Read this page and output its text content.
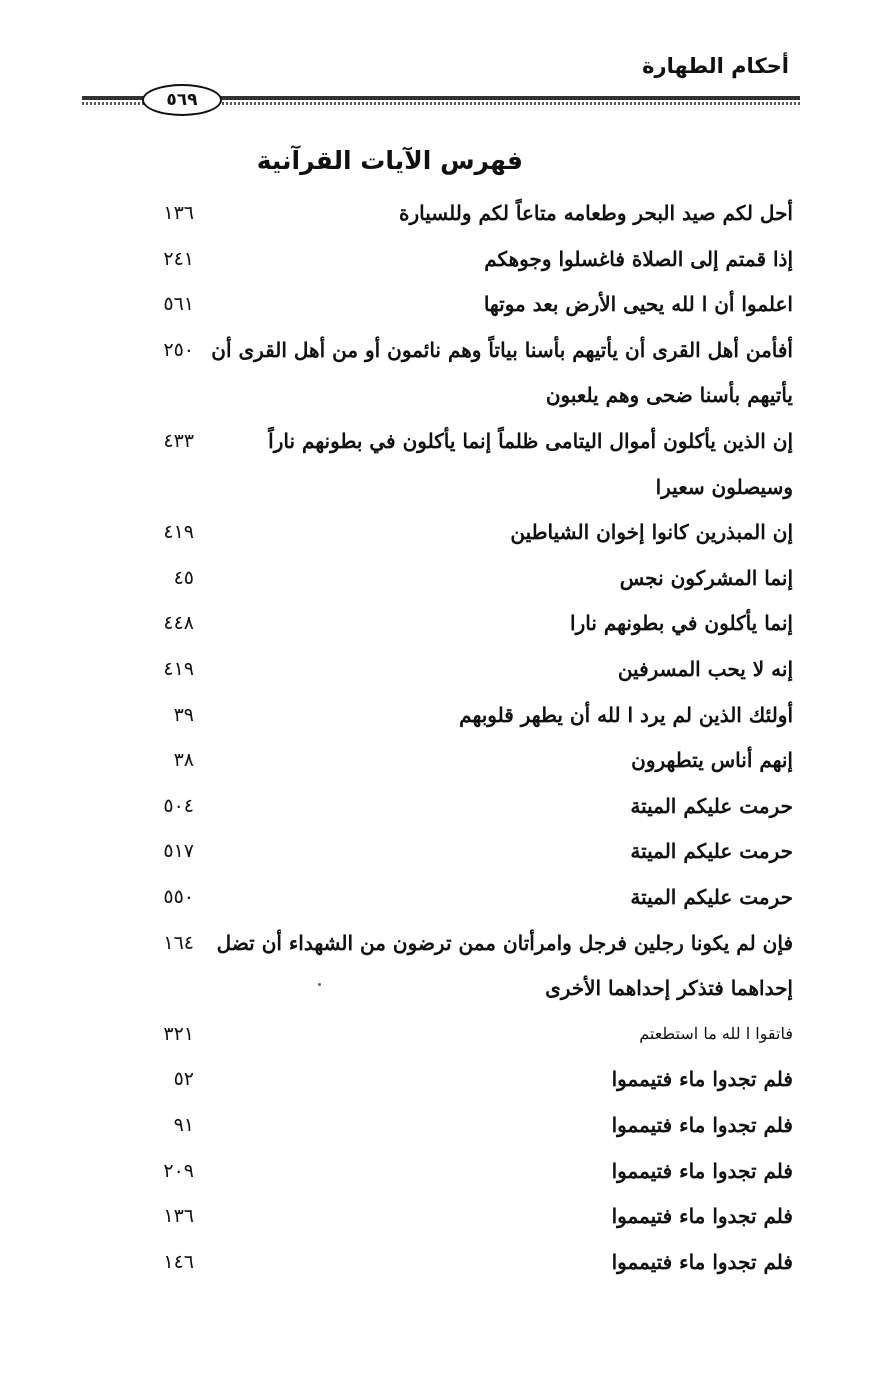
أحكام الطهارة
٥٦٩
فهرس الآيات القرآنية
١٣٦	أحل لكم صيد البحر وطعامه متاعاً لكم وللسيارة
٢٤١	إذا قمتم إلى الصلاة فاغسلوا وجوهكم
٥٦١	اعلموا أن ا لله يحيى الأرض بعد موتها
٢٥٠ أفأمن أهل القرى أن يأتيهم بأسنا بياتاً وهم نائمون أو من أهل القرى أن
يأتيهم بأسنا ضحى وهم يلعبون
٤٣٣	إن الذين يأكلون أموال اليتامى ظلماً إنما يأكلون في بطونهم ناراً
وسيصلون سعيرا
٤١٩	إن المبذرين كانوا إخوان الشياطين
٤٥	إنما المشركون نجس
٤٤٨	إنما يأكلون في بطونهم نارا
٤١٩	إنه لا يحب المسرفين
٣٩	أولئك الذين لم يرد ا لله أن يطهر قلوبهم
٣٨	إنهم أناس يتطهرون
٥٠٤	حرمت عليكم الميتة
٥١٧	حرمت عليكم الميتة
٥٥٠	حرمت عليكم الميتة
١٦٤	فإن لم يكونا رجلين فرجل وامرأتان ممن ترضون من الشهداء أن تضل
إحداهما فتذكر إحداهما الأخرى
٣٢١	فاتقوا ا لله ما استطعتم
٥٢	فلم تجدوا ماء فتيمموا
٩١	فلم تجدوا ماء فتيمموا
٢٠٩	فلم تجدوا ماء فتيمموا
١٣٦	فلم تجدوا ماء فتيمموا
١٤٦	فلم تجدوا ماء فتيمموا
